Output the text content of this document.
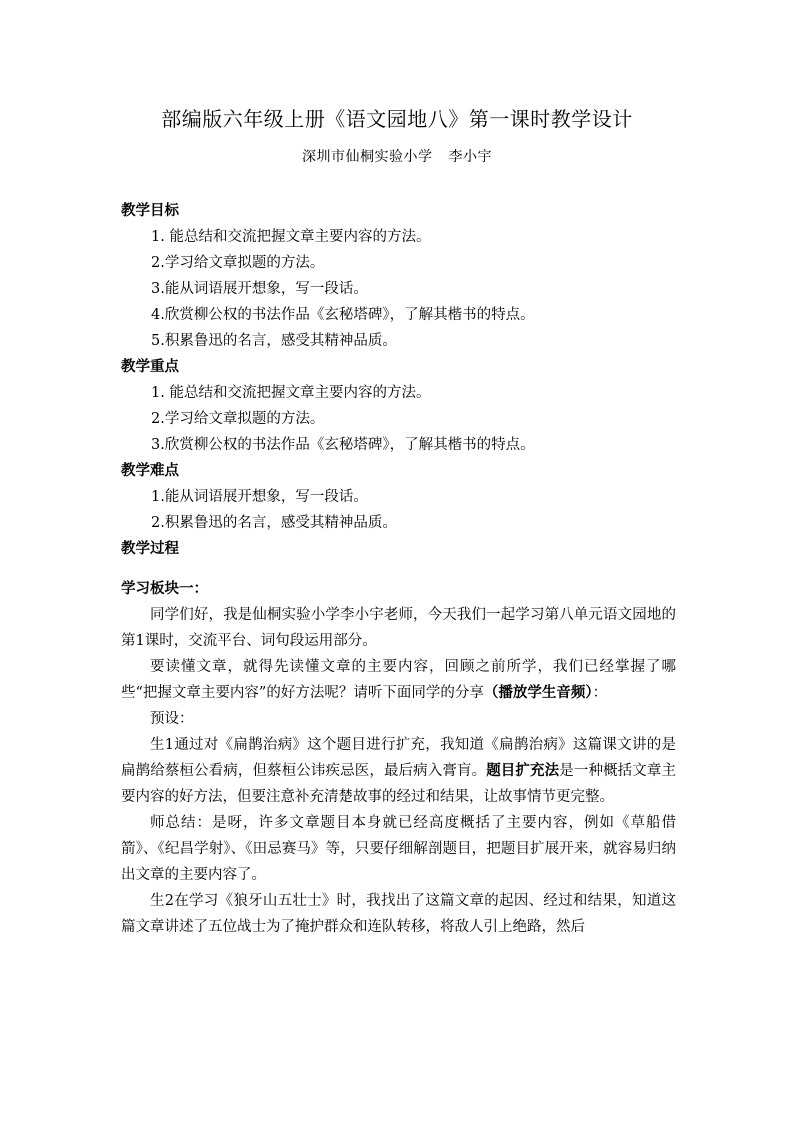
部编版六年级上册《语文园地八》第一课时教学设计
深圳市仙桐实验小学 李小宇
教学目标
1. 能总结和交流把握文章主要内容的方法。
2.学习给文章拟题的方法。
3.能从词语展开想象，写一段话。
4.欣赏柳公权的书法作品《玄秘塔碑》，了解其楷书的特点。
5.积累鲁迅的名言，感受其精神品质。
教学重点
1. 能总结和交流把握文章主要内容的方法。
2.学习给文章拟题的方法。
3.欣赏柳公权的书法作品《玄秘塔碑》，了解其楷书的特点。
教学难点
1.能从词语展开想象，写一段话。
2.积累鲁迅的名言，感受其精神品质。
教学过程
学习板块一：

同学们好，我是仙桐实验小学李小宇老师，今天我们一起学习第八单元语文园地的第1课时，交流平台、词句段运用部分。

要读懂文章，就得先读懂文章的主要内容，回顾之前所学，我们已经掌握了哪些“把握文章主要内容”的好方法呢？请听下面同学的分享（播放学生音频）：

预设：

生1通过对《扁鹊治病》这个题目进行扩充，我知道《扁鹊治病》这篇课文讲的是扁鹊给蔡桓公看病，但蔡桓公讳疾忌医，最后病入膏肓。题目扩充法是一种概括文章主要内容的好方法，但要注意补充清楚故事的经过和结果，让故事情节更完整。

师总结：是呀，许多文章题目本身就已经高度概括了主要内容，例如《草船借箭》、《纪昌学射》、《田忌赛马》等，只要仔细解剖题目，把题目扩展开来，就容易归纳出文章的主要内容了。

生2在学习《狼牙山五壮士》时，我找出了这篇文章的起因、经过和结果，知道这篇文章讲述了五位战士为了掩护群众和连队转移，将敌人引上绝路，然后
